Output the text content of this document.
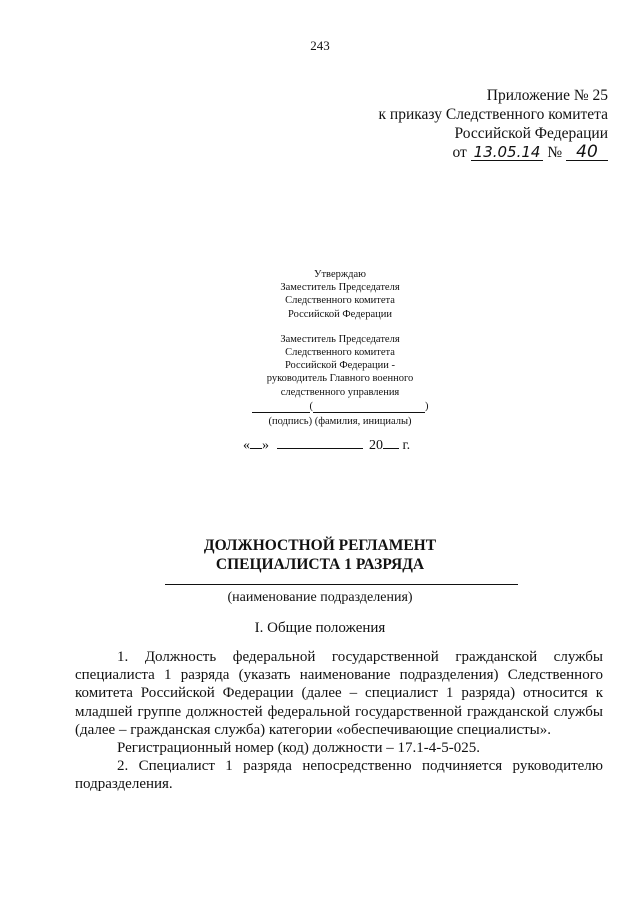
243
Приложение № 25
к приказу Следственного комитета
Российской Федерации
от 13.05.14 № 40
Утверждаю
Заместитель Председателя
Следственного комитета
Российской Федерации
Заместитель Председателя
Следственного комитета
Российской Федерации -
руководитель Главного военного
следственного управления
(	)
(подпись) (фамилия, инициалы)
« »	20 г.
ДОЛЖНОСТНОЙ РЕГЛАМЕНТ
СПЕЦИАЛИСТА 1 РАЗРЯДА
(наименование подразделения)
I. Общие положения

1. Должность федеральной государственной гражданской службы специалиста 1 разряда (указать наименование подразделения) Следственного комитета Российской Федерации (далее – специалист 1 разряда) относится к младшей группе должностей федеральной государственной гражданской службы (далее – гражданская служба) категории «обеспечивающие специалисты».

Регистрационный номер (код) должности – 17.1-4-5-025.

2. Специалист 1 разряда непосредственно подчиняется руководителю подразделения.
